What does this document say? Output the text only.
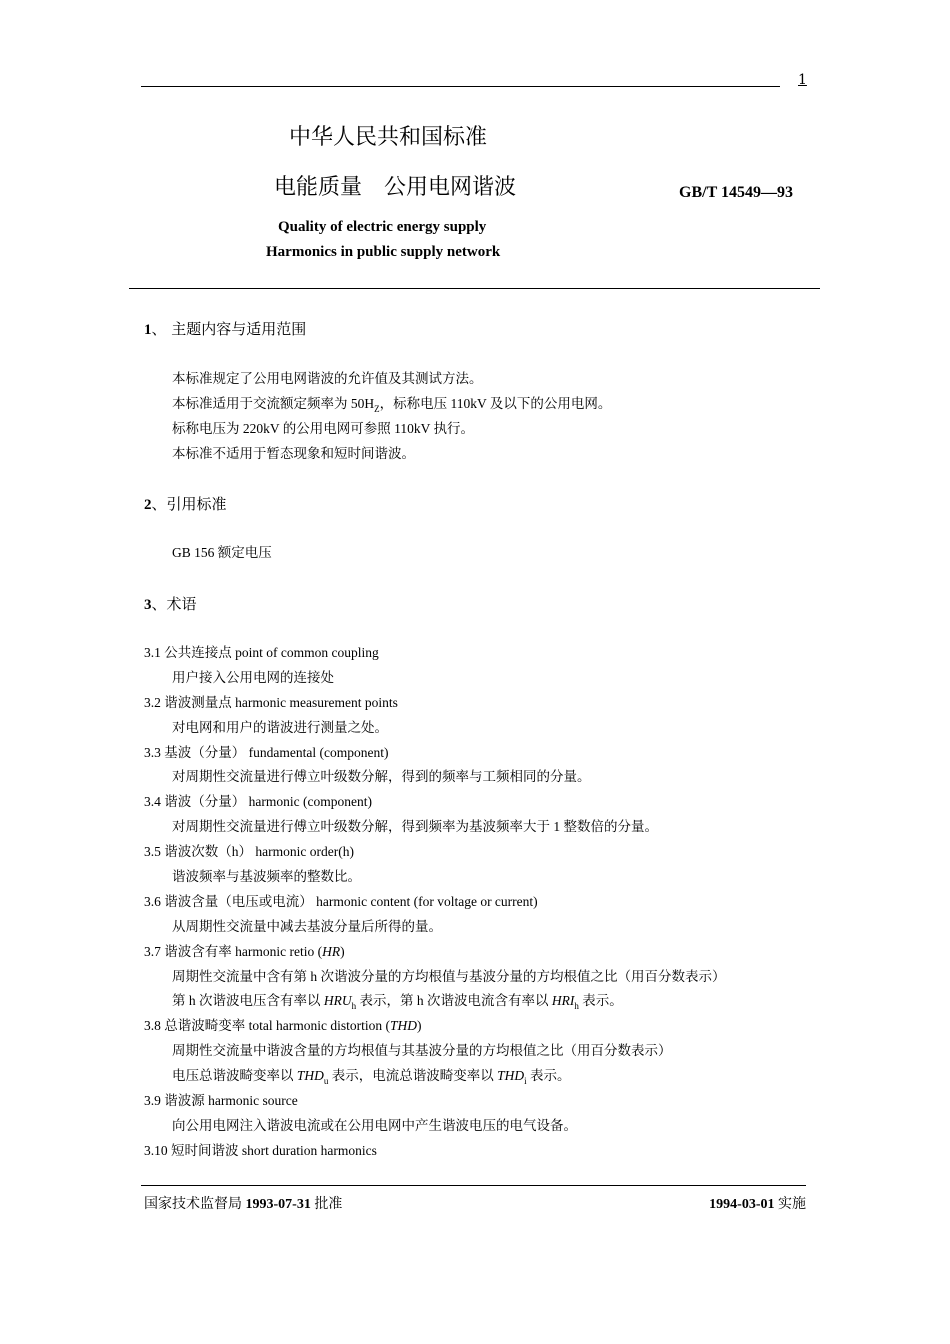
1
中华人民共和国标准
电能质量　公用电网谐波	GB/T 14549—93
Quality of electric energy supply
Harmonics in public supply network
1、 主题内容与适用范围
本标准规定了公用电网谐波的允许值及其测试方法。
本标准适用于交流额定频率为 $50H_Z$，标称电压 110kV 及以下的公用电网。
标称电压为 220kV 的公用电网可参照 110kV 执行。
本标准不适用于暂态现象和短时间谐波。
2、引用标准
GB 156 额定电压
3、术语
3.1 公共连接点 point of common coupling
用户接入公用电网的连接处
3.2 谐波测量点 harmonic measurement points
对电网和用户的谐波进行测量之处。
3.3 基波（分量） fundamental (component)
对周期性交流量进行傅立叶级数分解，得到的频率与工频相同的分量。
3.4 谐波（分量） harmonic (component)
对周期性交流量进行傅立叶级数分解，得到频率为基波频率大于 1 整数倍的分量。
3.5 谐波次数（h） harmonic order(h)
谐波频率与基波频率的整数比。
3.6 谐波含量（电压或电流） harmonic content (for voltage or current)
从周期性交流量中减去基波分量后所得的量。
3.7 谐波含有率 harmonic retio (HR)
周期性交流量中含有第 h 次谐波分量的方均根值与基波分量的方均根值之比（用百分数表示）
第 h 次谐波电压含有率以 $HRU_h$ 表示，第 h 次谐波电流含有率以 $HRI_h$ 表示。
3.8 总谐波畸变率 total harmonic distortion (THD)
周期性交流量中谐波含量的方均根值与其基波分量的方均根值之比（用百分数表示）
电压总谐波畸变率以 $THD_u$ 表示，电流总谐波畸变率以 $THD_i$ 表示。
3.9 谐波源 harmonic source
向公用电网注入谐波电流或在公用电网中产生谐波电压的电气设备。
3.10 短时间谐波 short duration harmonics
国家技术监督局 1993-07-31 批准	1994-03-01 实施
